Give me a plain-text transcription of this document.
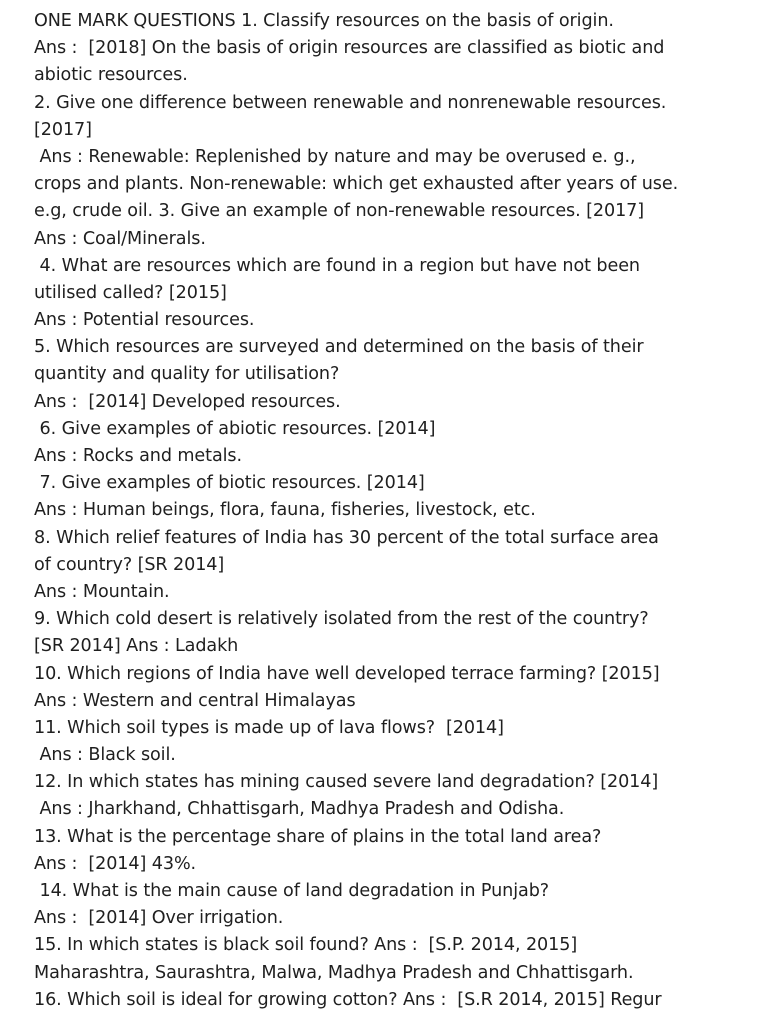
ONE MARK QUESTIONS 1. Classify resources on the basis of origin.
Ans :  [2018] On the basis of origin resources are classified as biotic and
abiotic resources.
2. Give one difference between renewable and nonrenewable resources.
[2017]
Ans : Renewable: Replenished by nature and may be overused e. g.,
crops and plants. Non-renewable: which get exhausted after years of use.
e.g, crude oil. 3. Give an example of non-renewable resources. [2017]
Ans : Coal/Minerals.
4. What are resources which are found in a region but have not been
utilised called? [2015]
Ans : Potential resources.
5. Which resources are surveyed and determined on the basis of their
quantity and quality for utilisation?
Ans :  [2014] Developed resources.
6. Give examples of abiotic resources. [2014]
Ans : Rocks and metals.
7. Give examples of biotic resources. [2014]
Ans : Human beings, flora, fauna, fisheries, livestock, etc.
8. Which relief features of India has 30 percent of the total surface area
of country? [SR 2014]
Ans : Mountain.
9. Which cold desert is relatively isolated from the rest of the country?
[SR 2014] Ans : Ladakh
10. Which regions of India have well developed terrace farming? [2015]
Ans : Western and central Himalayas
11. Which soil types is made up of lava flows?  [2014]
Ans : Black soil.
12. In which states has mining caused severe land degradation? [2014]
Ans : Jharkhand, Chhattisgarh, Madhya Pradesh and Odisha.
13. What is the percentage share of plains in the total land area?
Ans :  [2014] 43%.
14. What is the main cause of land degradation in Punjab?
Ans :  [2014] Over irrigation.
15. In which states is black soil found? Ans :  [S.P. 2014, 2015]
Maharashtra, Saurashtra, Malwa, Madhya Pradesh and Chhattisgarh.
16. Which soil is ideal for growing cotton? Ans :  [S.R 2014, 2015] Regur
